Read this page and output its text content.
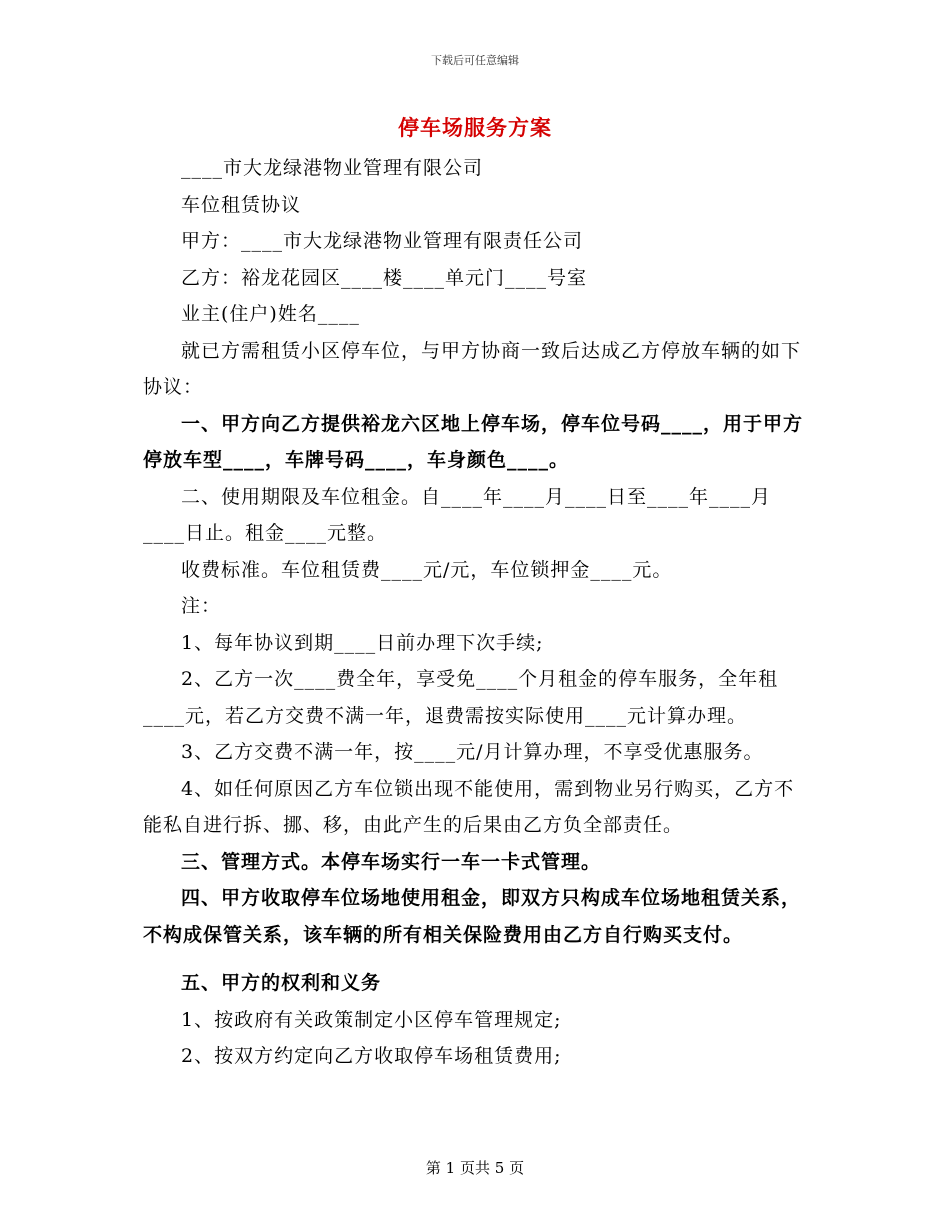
下载后可任意编辑
停车场服务方案

____市大龙绿港物业管理有限公司

车位租赁协议

甲方：____市大龙绿港物业管理有限责任公司

乙方：裕龙花园区____楼____单元门____号室

业主(住户)姓名____

就已方需租赁小区停车位，与甲方协商一致后达成乙方停放车辆的如下协议：

一、甲方向乙方提供裕龙六区地上停车场，停车位号码____，用于甲方停放车型____，车牌号码____，车身颜色____。

二、使用期限及车位租金。自____年____月____日至____年____月____日止。租金____元整。

收费标准。车位租赁费____元/元，车位锁押金____元。

注：

1、每年协议到期____日前办理下次手续;

2、乙方一次____费全年，享受免____个月租金的停车服务，全年租____元，若乙方交费不满一年，退费需按实际使用____元计算办理。

3、乙方交费不满一年，按____元/月计算办理，不享受优惠服务。

4、如任何原因乙方车位锁出现不能使用，需到物业另行购买，乙方不能私自进行拆、挪、移，由此产生的后果由乙方负全部责任。

三、管理方式。本停车场实行一车一卡式管理。

四、甲方收取停车位场地使用租金，即双方只构成车位场地租赁关系，不构成保管关系，该车辆的所有相关保险费用由乙方自行购买支付。

五、甲方的权利和义务

1、按政府有关政策制定小区停车管理规定;

2、按双方约定向乙方收取停车场租赁费用;

第 1 页共 5 页
